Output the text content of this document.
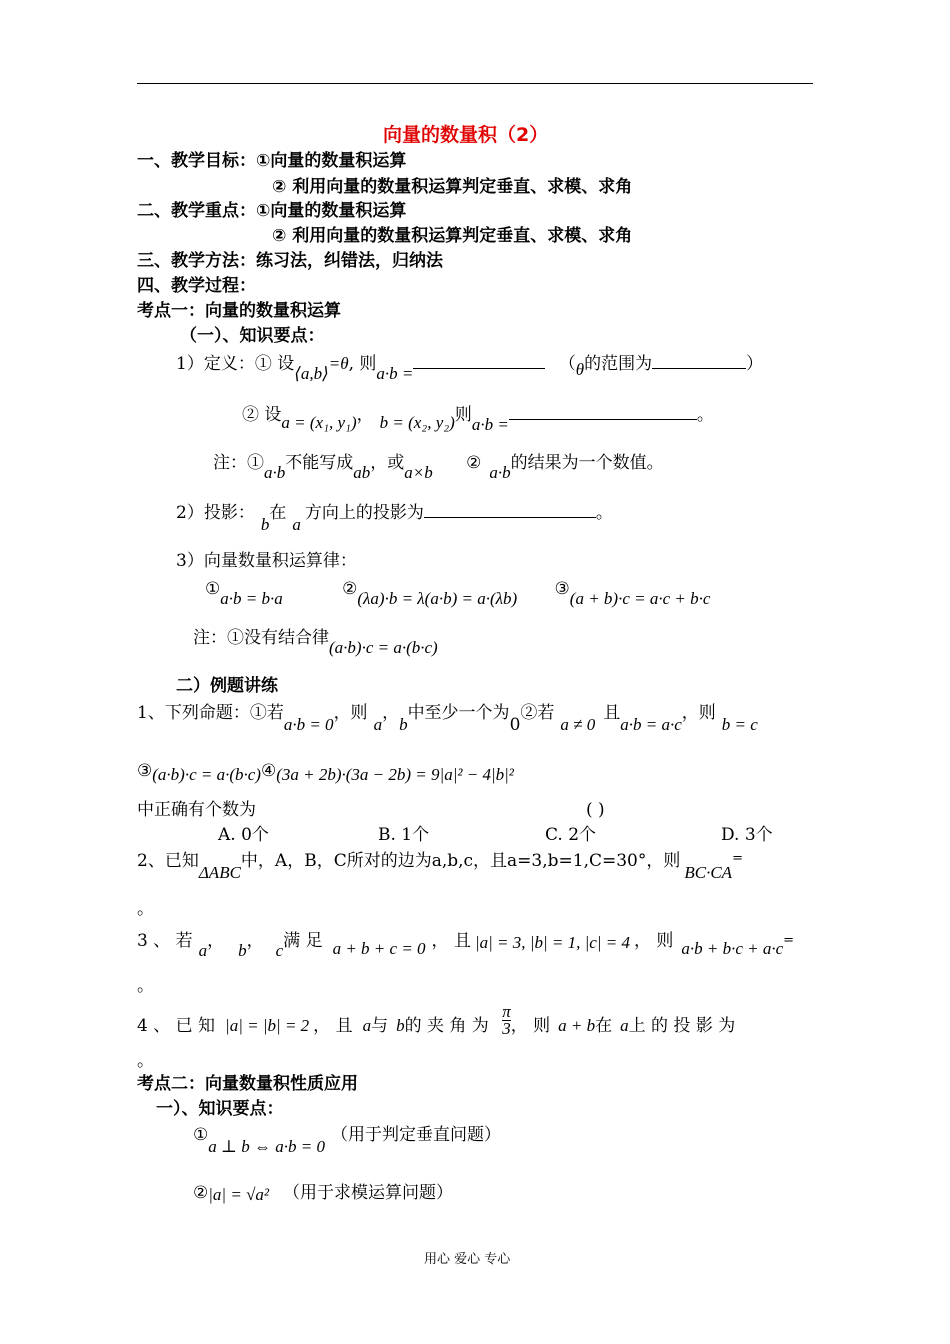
向量的数量积（2）
一、教学目标：①向量的数量积运算
② 利用向量的数量积运算判定垂直、求模、求角
二、教学重点：①向量的数量积运算
② 利用向量的数量积运算判定垂直、求模、求角
三、教学方法：练习法，纠错法，归纳法
四、教学过程：
考点一：向量的数量积运算
（一）、知识要点：
1）定义：① 设⟨a,b⟩=θ, 则a·b =	（θ的范围为	）
② 设a = (x₁, y₁)， b = (x₂, y₂)则a·b =	。
注：①a·b不能写成ab，或a×b ② a·b的结果为一个数值。
2）投影：b在a方向上的投影为	。
3）向量数量积运算律：
①a·b = b·a	②(λa)·b = λ(a·b) = a·(λb) ③(a + b)·c = a·c + b·c
注：①没有结合律(a·b)·c = a·(b·c)
二）例题讲练
1、下列命题：①若a·b = 0，则a，b中至少一个为0②若a ≠ 0且a·b = a·c，则b = c
③(a·b)·c = a·(b·c)④(3a + 2b)·(3a − 2b) = 9|a|² − 4|b|²
中正确有个数为	( )
A. 0个	B. 1个	C. 2个	D. 3个
2、已知ΔABC中，A，B，C所对的边为a,b,c，且a=3,b=1,C=30°，则BC·CA=
。
3 、 若 a， b， c满 足 a + b + c = 0 ， 且 |a| = 3, |b| = 1, |c| = 4 ， 则 a·b + b·c + a·c=
。
4 、 已 知 |a| = |b| = 2 ， 且 a与 b的 夹 角 为 $\frac{\pi}{3}$ ， 则 a + b在 a上 的 投 影 为
。
考点二：向量数量积性质应用
一）、知识要点：
①a ⊥ b ⇔ a·b = 0（用于判定垂直问题）
②|a| = √a² （用于求模运算问题）
用心 爱心 专心
